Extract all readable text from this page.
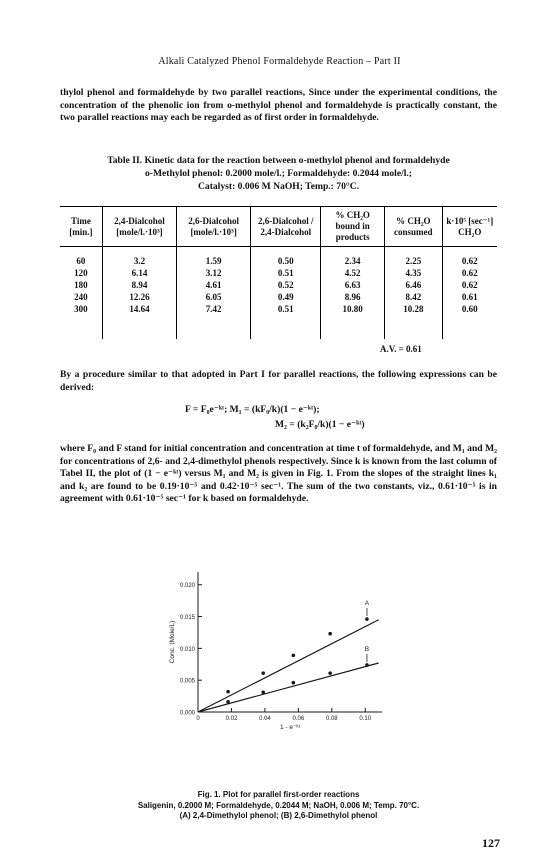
Alkali Catalyzed Phenol Formaldehyde Reaction – Part II

thylol phenol and formaldehyde by two parallel reactions, Since under the experimental conditions, the concentration of the phenolic ion from o-methylol phenol and formaldehyde is practically constant, the two parallel reactions may each be regarded as of first order in formaldehyde.

Table II. Kinetic data for the reaction between o-methylol phenol and formaldehyde
o-Methylol phenol: 0.2000 mole/l.; Formaldehyde: 0.2044 mole/l.;
Catalyst: 0.006 M NaOH; Temp.: 70°C.
Time [min.]	2,4-Dialcohol [mole/l.·10³]	2,6-Dialcohol [mole/l.·10³]	2,6-Dialcohol / 2,4-Dialcohol	% CH₂O bound in products	% CH₂O consumed	k·10⁵ [sec⁻¹] CH₂O
60	3.2	1.59	0.50	2.34	2.25	0.62
120	6.14	3.12	0.51	4.52	4.35	0.62
180	8.94	4.61	0.52	6.63	6.46	0.62
240	12.26	6.05	0.49	8.96	8.42	0.61
300	14.64	7.42	0.51	10.80	10.28	0.60
A.V. = 0.61

By a procedure similar to that adopted in Part I for parallel reactions, the following expressions can be derived:

F = F₀e⁻ᵏᵗ; M₁ = (kF₀/k)(1 − e⁻ᵏᵗ);
M₂ = (k₂F₀/k)(1 − e⁻ᵏᵗ)

where F₀ and F stand for initial concentration and concentration at time t of formaldehyde, and M₁ and M₂ for concentrations of 2,6- and 2,4-dimethylol phenols respectively. Since k is known from the last column of Tabel II, the plot of (1 − e⁻ᵏᵗ) versus M₁ and M₂ is given in Fig. 1. From the slopes of the straight lines k₁ and k₂ are found to be 0.19·10⁻⁵ and 0.42·10⁻⁵ sec⁻¹. The sum of the two constants, viz., 0.61·10⁻⁵ is in agreement with 0.61·10⁻⁵ sec⁻¹ for k based on formaldehyde.

0.000
0.005
0.010
0.015
0.020
0	0.02	0.04	0.06	0.08	0.10
1 - e⁻ᵏᵗ
Conc. (Mole/L)
A
B
Fig. 1. Plot for parallel first-order reactions
Saligenin, 0.2000 M; Formaldehyde, 0.2044 M; NaOH, 0.006 M; Temp. 70°C.
(A) 2,4-Dimethylol phenol; (B) 2,6-Dimethylol phenol
127
